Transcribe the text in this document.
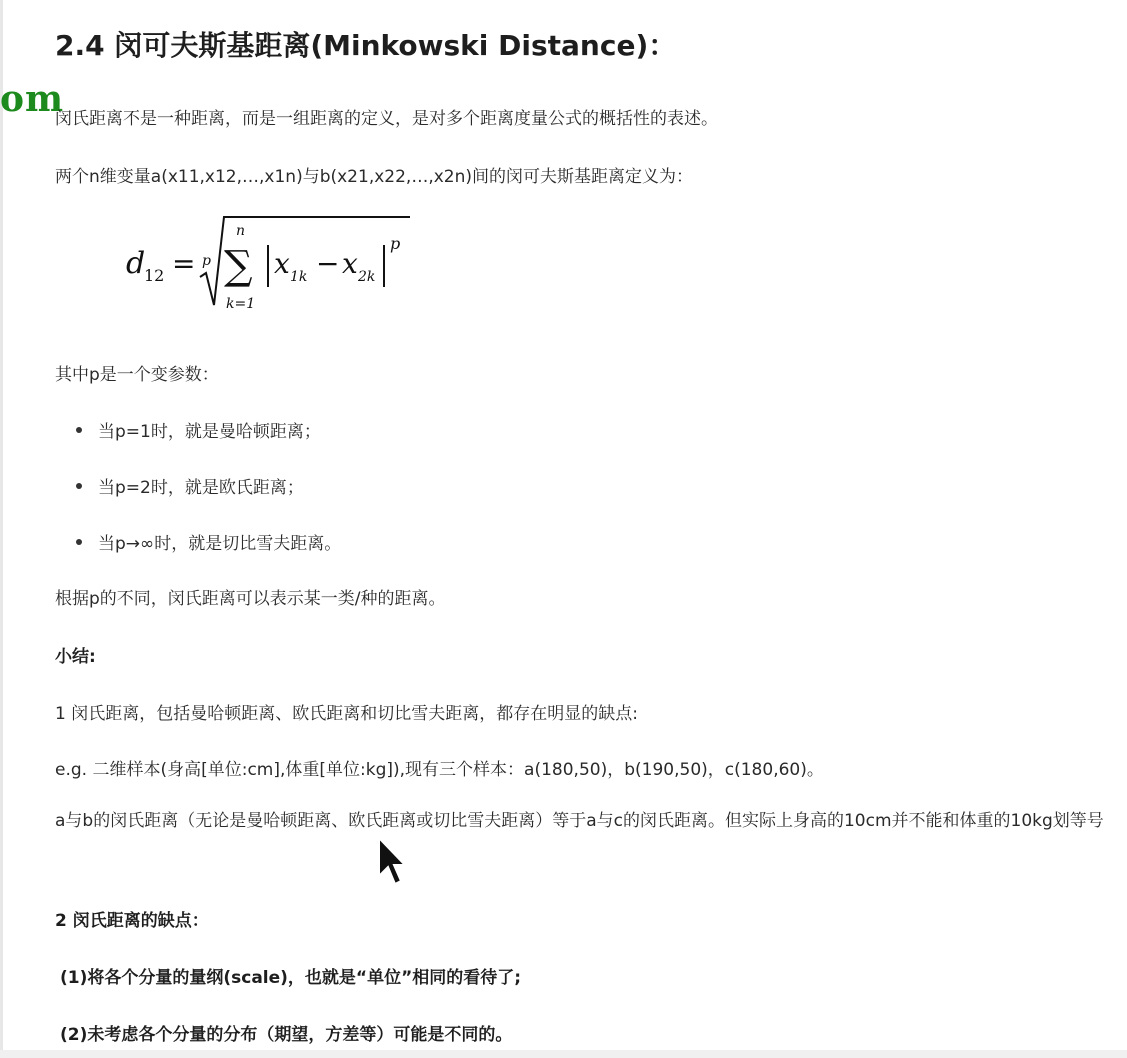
2.4 闵可夫斯基距离(Minkowski Distance)：
om

闵氏距离不是一种距离，而是一组距离的定义，是对多个距离度量公式的概括性的表述。

两个n维变量a(x11,x12,…,x1n)与b(x21,x22,…,x2n)间的闵可夫斯基距离定义为：

d
12 = p
n
∑
k=1
x 1k − x 2k
p

其中p是一个变参数：

当p=1时，就是曼哈顿距离；
当p=2时，就是欧氏距离；
当p→∞时，就是切比雪夫距离。

根据p的不同，闵氏距离可以表示某一类/种的距离。

小结:

1 闵氏距离，包括曼哈顿距离、欧氏距离和切比雪夫距离，都存在明显的缺点:

e.g. 二维样本(身高[单位:cm],体重[单位:kg]),现有三个样本：a(180,50)，b(190,50)，c(180,60)。

a与b的闵氏距离（无论是曼哈顿距离、欧氏距离或切比雪夫距离）等于a与c的闵氏距离。但实际上身高的10cm并不能和体重的10kg划等号

2 闵氏距离的缺点：

(1)将各个分量的量纲(scale)，也就是“单位”相同的看待了;

(2)未考虑各个分量的分布（期望，方差等）可能是不同的。
